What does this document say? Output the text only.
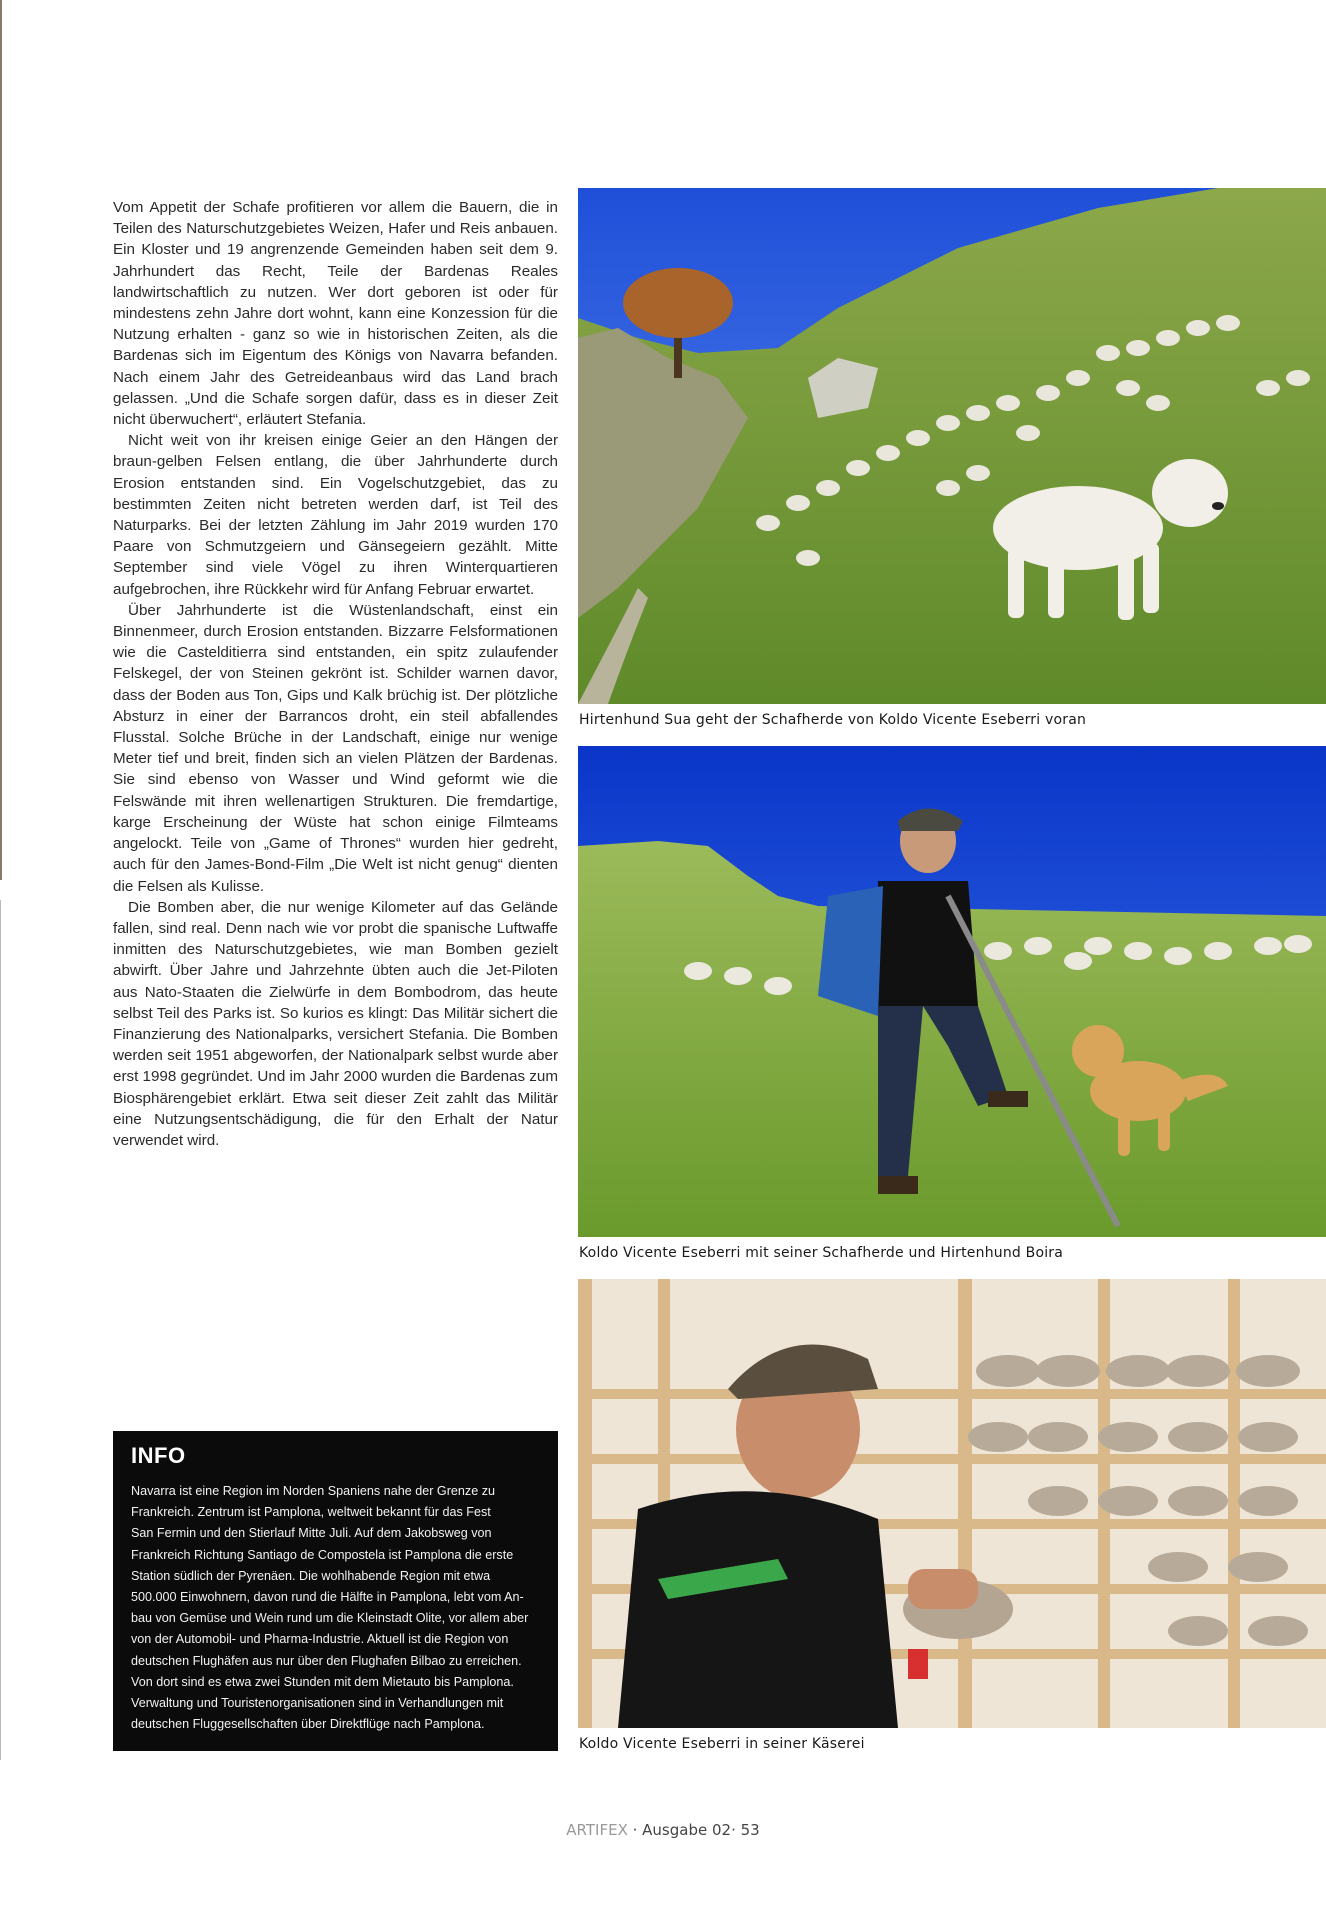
Vom Appetit der Schafe profitieren vor allem die Bauern, die in Teilen des Naturschutzgebietes Weizen, Hafer und Reis anbauen. Ein Kloster und 19 angrenzende Gemeinden haben seit dem 9. Jahrhundert das Recht, Teile der Bardenas Reales landwirtschaftlich zu nutzen. Wer dort geboren ist oder für mindestens zehn Jahre dort wohnt, kann eine Konzession für die Nutzung erhalten - ganz so wie in historischen Zeiten, als die Bardenas sich im Eigentum des Königs von Navarra befanden. Nach einem Jahr des Getreideanbaus wird das Land brach gelassen. „Und die Schafe sorgen dafür, dass es in dieser Zeit nicht überwuchert“, erläutert Stefania.

Nicht weit von ihr kreisen einige Geier an den Hängen der braun-gelben Felsen entlang, die über Jahrhunderte durch Erosion entstanden sind. Ein Vogelschutzgebiet, das zu bestimmten Zeiten nicht betreten werden darf, ist Teil des Naturparks. Bei der letzten Zählung im Jahr 2019 wurden 170 Paare von Schmutzgeiern und Gänsegeiern gezählt. Mitte September sind viele Vögel zu ihren Winterquartieren aufgebrochen, ihre Rückkehr wird für Anfang Februar erwartet.

Über Jahrhunderte ist die Wüstenlandschaft, einst ein Binnenmeer, durch Erosion entstanden. Bizzarre Felsformationen wie die Castelditierra sind entstanden, ein spitz zulaufender Felskegel, der von Steinen gekrönt ist. Schilder warnen davor, dass der Boden aus Ton, Gips und Kalk brüchig ist. Der plötzliche Absturz in einer der Barrancos droht, ein steil abfallendes Flusstal. Solche Brüche in der Landschaft, einige nur wenige Meter tief und breit, finden sich an vielen Plätzen der Bardenas. Sie sind ebenso von Wasser und Wind geformt wie die Felswände mit ihren wellenartigen Strukturen. Die fremdartige, karge Erscheinung der Wüste hat schon einige Filmteams angelockt. Teile von „Game of Thrones“ wurden hier gedreht, auch für den James-Bond-Film „Die Welt ist nicht genug“ dienten die Felsen als Kulisse.

Die Bomben aber, die nur wenige Kilometer auf das Gelände fallen, sind real. Denn nach wie vor probt die spanische Luftwaffe inmitten des Naturschutzgebietes, wie man Bomben gezielt abwirft. Über Jahre und Jahrzehnte übten auch die Jet-Piloten aus Nato-Staaten die Zielwürfe in dem Bombodrom, das heute selbst Teil des Parks ist. So kurios es klingt: Das Militär sichert die Finanzierung des Nationalparks, versichert Stefania. Die Bomben werden seit 1951 abgeworfen, der Nationalpark selbst wurde aber erst 1998 gegründet. Und im Jahr 2000 wurden die Bardenas zum Biosphärengebiet erklärt. Etwa seit dieser Zeit zahlt das Militär eine Nutzungsentschädigung, die für den Erhalt der Natur verwendet wird.

Hirtenhund Sua geht der Schafherde von Koldo Vicente Eseberri voran
Koldo Vicente Eseberri mit seiner Schafherde und Hirtenhund Boira
Koldo Vicente Eseberri in seiner Käserei
INFO
Navarra ist eine Region im Norden Spaniens nahe der Grenze zu
Frankreich. Zentrum ist Pamplona, weltweit bekannt für das Fest
San Fermin und den Stierlauf Mitte Juli. Auf dem Jakobsweg von
Frankreich Richtung Santiago de Compostela ist Pamplona die erste
Station südlich der Pyrenäen. Die wohlhabende Region mit etwa
500.000 Einwohnern, davon rund die Hälfte in Pamplona, lebt vom An-
bau von Gemüse und Wein rund um die Kleinstadt Olite, vor allem aber
von der Automobil- und Pharma-Industrie. Aktuell ist die Region von
deutschen Flughäfen aus nur über den Flughafen Bilbao zu erreichen.
Von dort sind es etwa zwei Stunden mit dem Mietauto bis Pamplona.
Verwaltung und Touristenorganisationen sind in Verhandlungen mit
deutschen Fluggesellschaften über Direktflüge nach Pamplona.
ARTIFEX · Ausgabe 02· 53
